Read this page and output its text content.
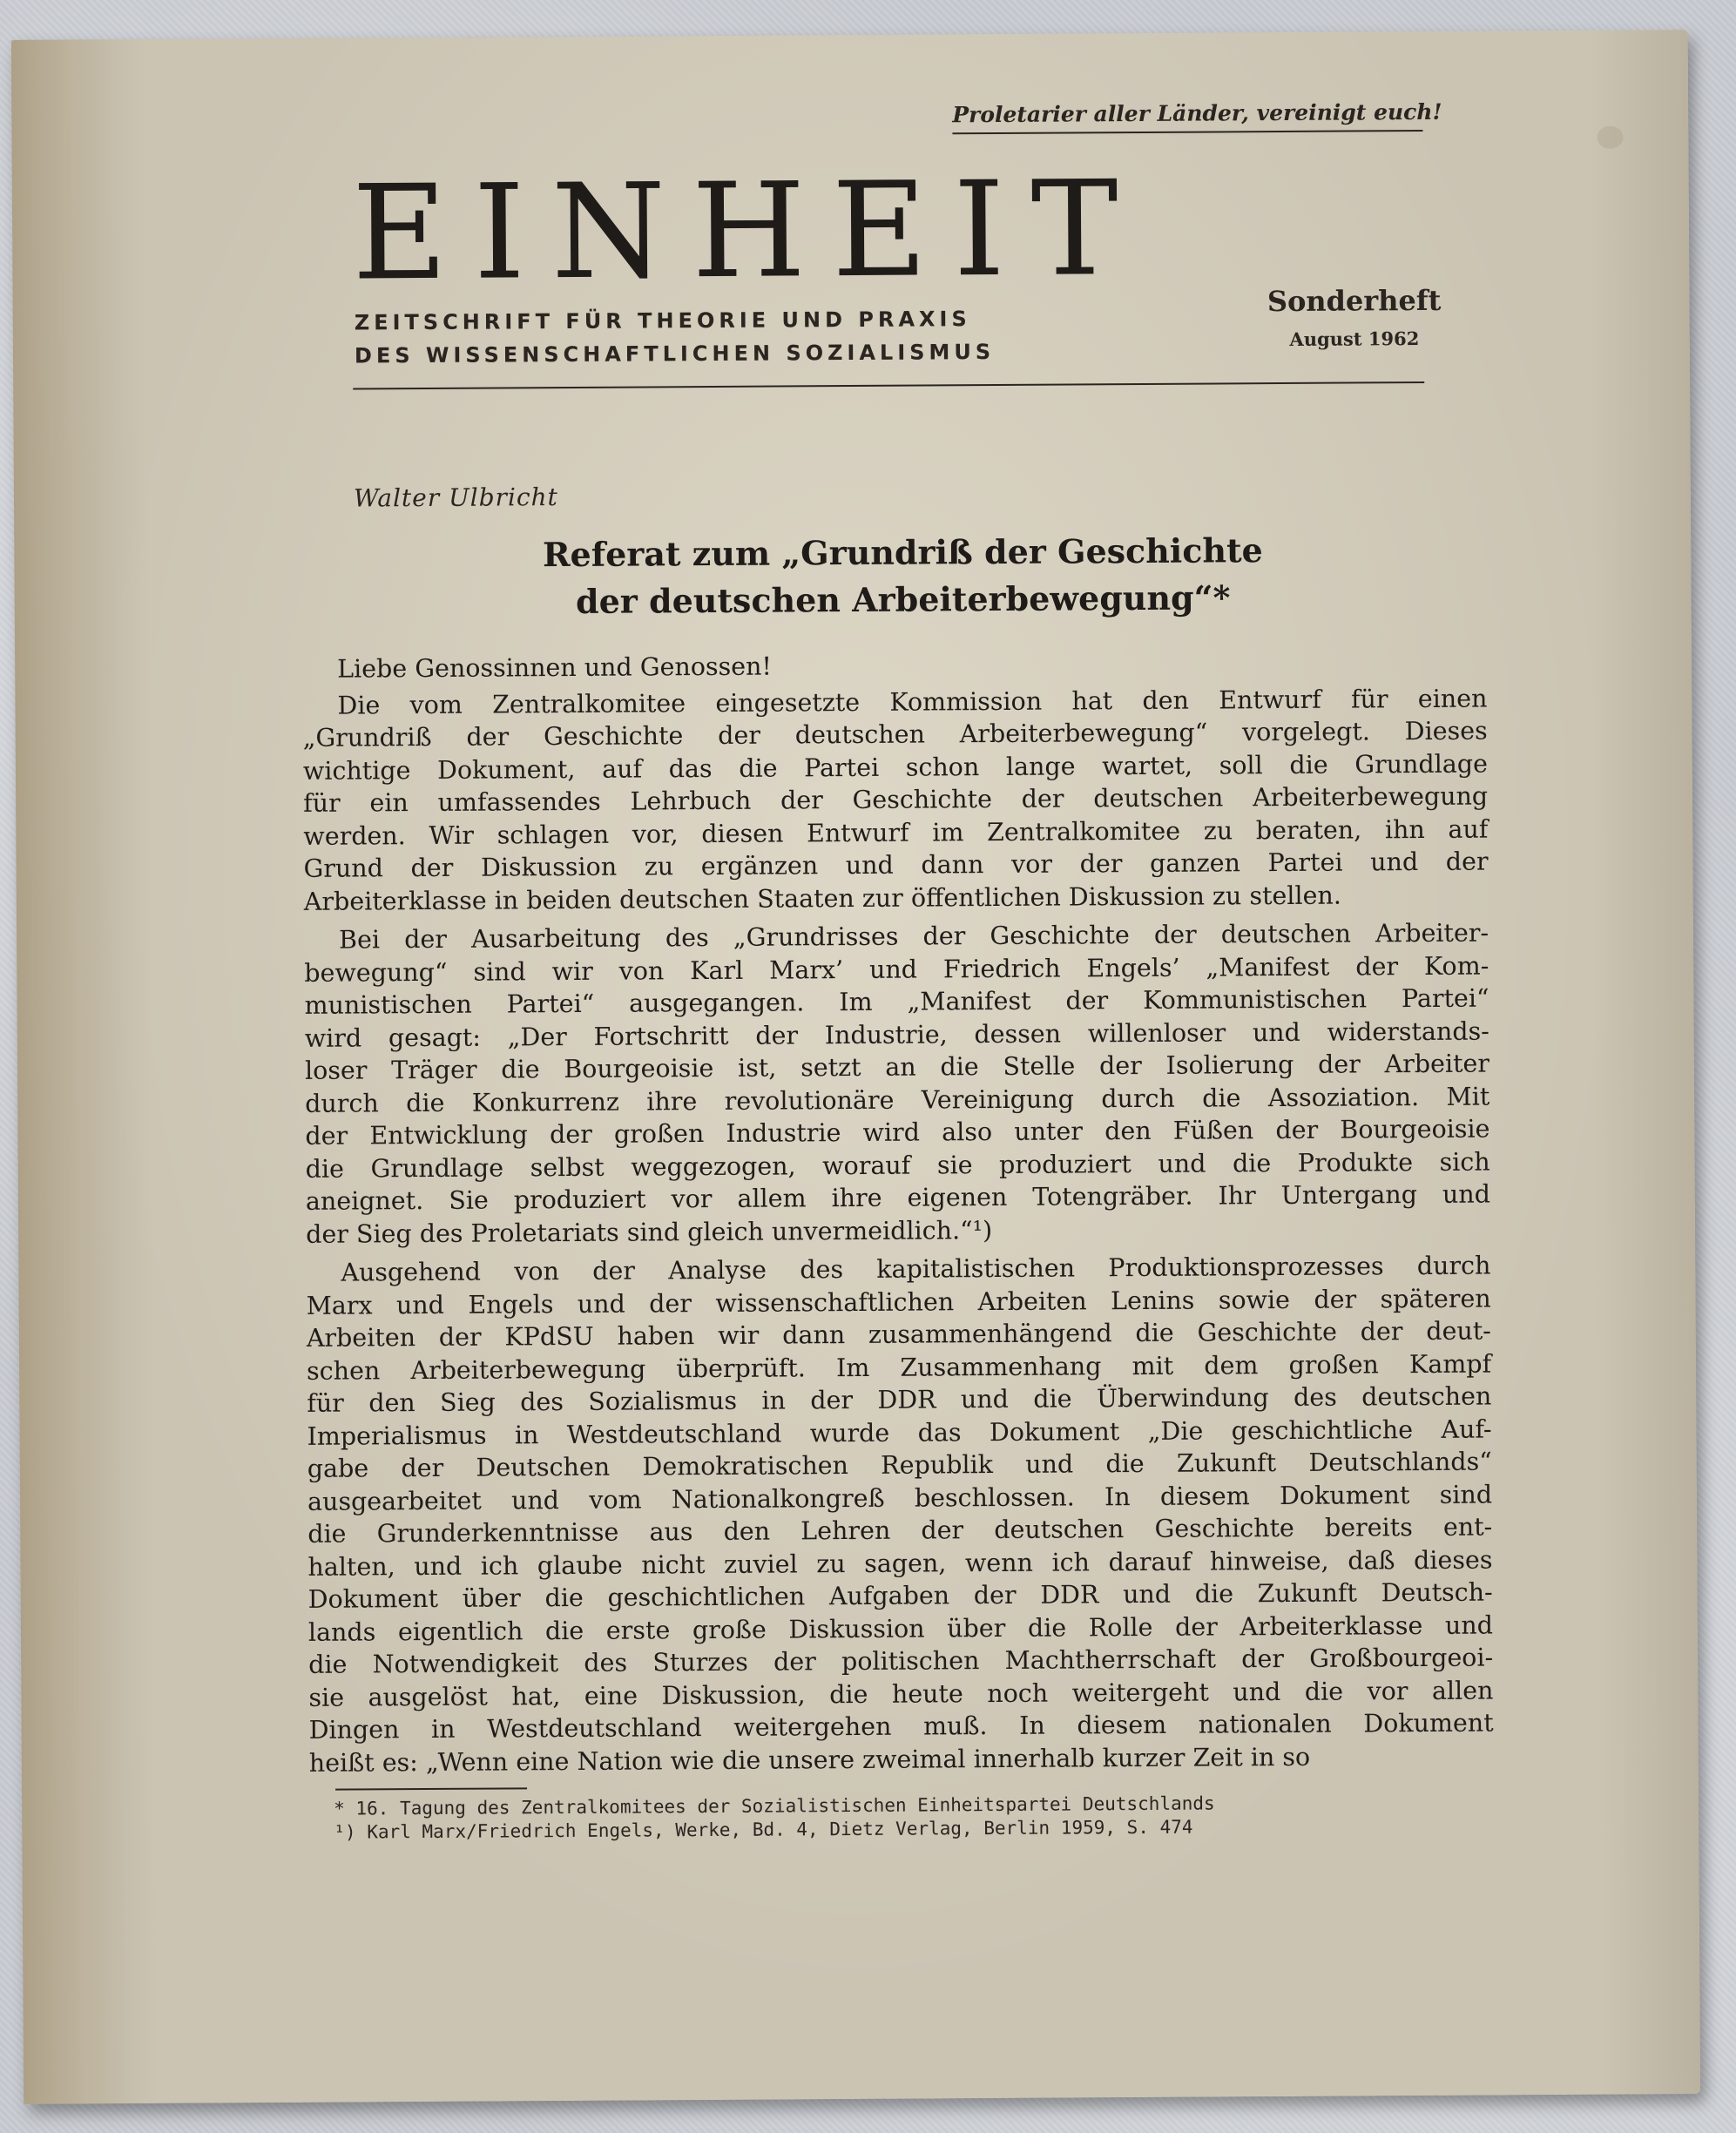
Proletarier aller Länder, vereinigt euch!
EINHEIT
ZEITSCHRIFT FÜR THEORIE UND PRAXIS
DES WISSENSCHAFTLICHEN SOZIALISMUS
Sonderheft
August 1962
Walter Ulbricht
Referat zum „Grundriß der Geschichte
der deutschen Arbeiterbewegung“*
Liebe Genossinnen und Genossen!
Die vom Zentralkomitee eingesetzte Kommission hat den Entwurf für einen
„Grundriß der Geschichte der deutschen Arbeiterbewegung“ vorgelegt. Dieses
wichtige Dokument, auf das die Partei schon lange wartet, soll die Grundlage
für ein umfassendes Lehrbuch der Geschichte der deutschen Arbeiterbewegung
werden. Wir schlagen vor, diesen Entwurf im Zentralkomitee zu beraten, ihn auf
Grund der Diskussion zu ergänzen und dann vor der ganzen Partei und der
Arbeiterklasse in beiden deutschen Staaten zur öffentlichen Diskussion zu stellen.
Bei der Ausarbeitung des „Grundrisses der Geschichte der deutschen Arbeiter-
bewegung“ sind wir von Karl Marx’ und Friedrich Engels’ „Manifest der Kom-
munistischen Partei“ ausgegangen. Im „Manifest der Kommunistischen Partei“
wird gesagt: „Der Fortschritt der Industrie, dessen willenloser und widerstands-
loser Träger die Bourgeoisie ist, setzt an die Stelle der Isolierung der Arbeiter
durch die Konkurrenz ihre revolutionäre Vereinigung durch die Assoziation. Mit
der Entwicklung der großen Industrie wird also unter den Füßen der Bourgeoisie
die Grundlage selbst weggezogen, worauf sie produziert und die Produkte sich
aneignet. Sie produziert vor allem ihre eigenen Totengräber. Ihr Untergang und
der Sieg des Proletariats sind gleich unvermeidlich.“¹)
Ausgehend von der Analyse des kapitalistischen Produktionsprozesses durch
Marx und Engels und der wissenschaftlichen Arbeiten Lenins sowie der späteren
Arbeiten der KPdSU haben wir dann zusammenhängend die Geschichte der deut-
schen Arbeiterbewegung überprüft. Im Zusammenhang mit dem großen Kampf
für den Sieg des Sozialismus in der DDR und die Überwindung des deutschen
Imperialismus in Westdeutschland wurde das Dokument „Die geschichtliche Auf-
gabe der Deutschen Demokratischen Republik und die Zukunft Deutschlands“
ausgearbeitet und vom Nationalkongreß beschlossen. In diesem Dokument sind
die Grunderkenntnisse aus den Lehren der deutschen Geschichte bereits ent-
halten, und ich glaube nicht zuviel zu sagen, wenn ich darauf hinweise, daß dieses
Dokument über die geschichtlichen Aufgaben der DDR und die Zukunft Deutsch-
lands eigentlich die erste große Diskussion über die Rolle der Arbeiterklasse und
die Notwendigkeit des Sturzes der politischen Machtherrschaft der Großbourgeoi-
sie ausgelöst hat, eine Diskussion, die heute noch weitergeht und die vor allen
Dingen in Westdeutschland weitergehen muß. In diesem nationalen Dokument
heißt es: „Wenn eine Nation wie die unsere zweimal innerhalb kurzer Zeit in so
* 16. Tagung des Zentralkomitees der Sozialistischen Einheitspartei Deutschlands
¹) Karl Marx/Friedrich Engels, Werke, Bd. 4, Dietz Verlag, Berlin 1959, S. 474
